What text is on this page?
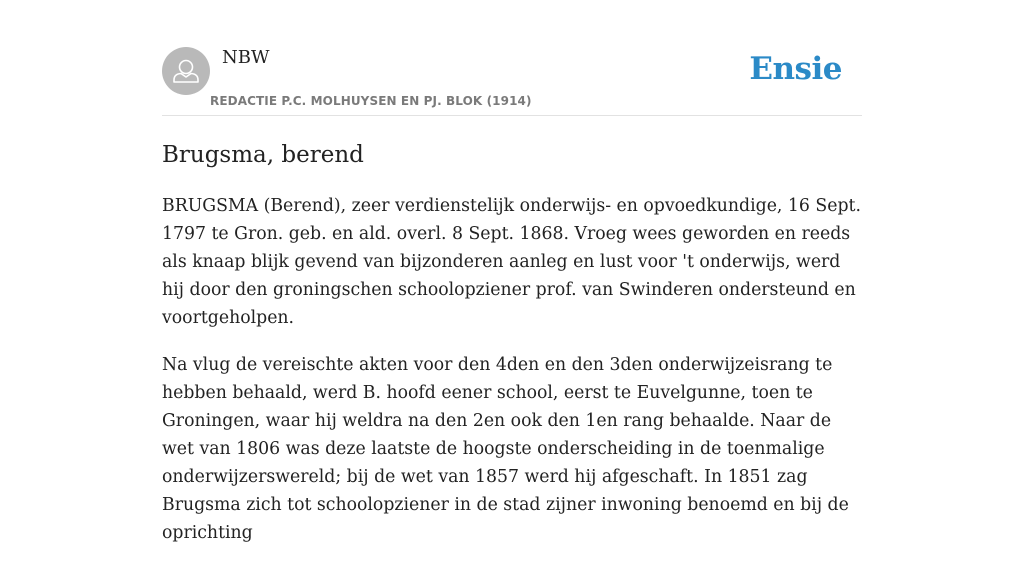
NBW
REDACTIE P.C. MOLHUYSEN EN PJ. BLOK (1914)
Ensie
Brugsma, berend

BRUGSMA (Berend), zeer verdienstelijk onderwijs- en opvoedkundige, 16 Sept. 1797 te Gron. geb. en ald. overl. 8 Sept. 1868. Vroeg wees geworden en reeds als knaap blijk gevend van bijzonderen aanleg en lust voor 't onderwijs, werd hij door den groningschen schoolopziener prof. van Swinderen ondersteund en voortgeholpen.

Na vlug de vereischte akten voor den 4den en den 3den onderwijzeisrang te hebben behaald, werd B. hoofd eener school, eerst te Euvelgunne, toen te Groningen, waar hij weldra na den 2en ook den 1en rang behaalde. Naar de wet van 1806 was deze laatste de hoogste onderscheiding in de toenmalige onderwijzerswereld; bij de wet van 1857 werd hij afgeschaft. In 1851 zag Brugsma zich tot schoolopziener in de stad zijner inwoning benoemd en bij de oprichting
